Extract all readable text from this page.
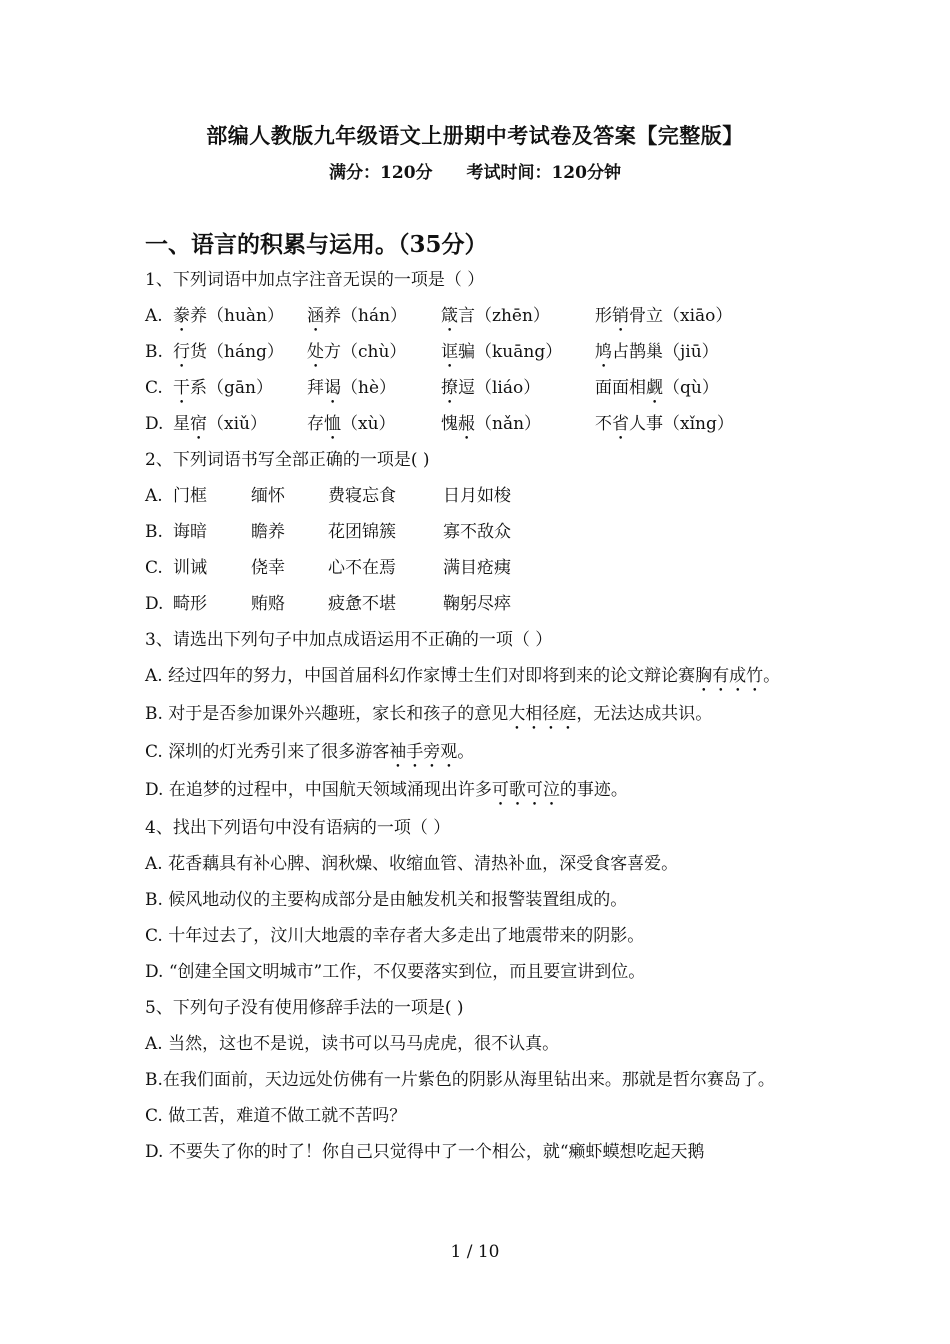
部编人教版九年级语文上册期中考试卷及答案【完整版】
满分：120分 考试时间：120分钟
一、语言的积累与运用。（35分）
1、下列词语中加点字注音无误的一项是（ ）
A. 豢养（huàn） 涵养（hán） 箴言（zhēn）	形销骨立（xiāo）
B. 行货（háng） 处方（chù） 诓骗（kuāng） 鸠占鹊巢（jiū）
C. 干系（gān） 拜谒（hè）	撩逗（liáo）	面面相觑（qù）
D. 星宿（xiǔ） 存恤（xù）	愧赧（nǎn）	不省人事（xǐng）
2、下列词语书写全部正确的一项是( )
A. 门框	缅怀	费寝忘食	日月如梭
B. 诲暗	瞻养	花团锦簇	寡不敌众
C. 训诫	侥幸	心不在焉	满目疮痍
D. 畸形	贿赂	疲惫不堪	鞠躬尽瘁
3、请选出下列句子中加点成语运用不正确的一项（ ）
A. 经过四年的努力，中国首届科幻作家博士生们对即将到来的论文辩论赛胸有成竹。
B. 对于是否参加课外兴趣班，家长和孩子的意见大相径庭，无法达成共识。
C. 深圳的灯光秀引来了很多游客袖手旁观。
D. 在追梦的过程中，中国航天领域涌现出许多可歌可泣的事迹。
4、找出下列语句中没有语病的一项（ ）
A. 花香藕具有补心脾、润秋燥、收缩血管、清热补血，深受食客喜爱。
B. 候风地动仪的主要构成部分是由触发机关和报警装置组成的。
C. 十年过去了，汶川大地震的幸存者大多走出了地震带来的阴影。
D. “创建全国文明城市”工作，不仅要落实到位，而且要宣讲到位。
5、下列句子没有使用修辞手法的一项是( )
A. 当然，这也不是说，读书可以马马虎虎，很不认真。
B.在我们面前，天边远处仿佛有一片紫色的阴影从海里钻出来。那就是哲尔赛岛了。
C. 做工苦，难道不做工就不苦吗？
D. 不要失了你的时了！你自己只觉得中了一个相公，就“癞虾蟆想吃起天鹅
1 / 10
